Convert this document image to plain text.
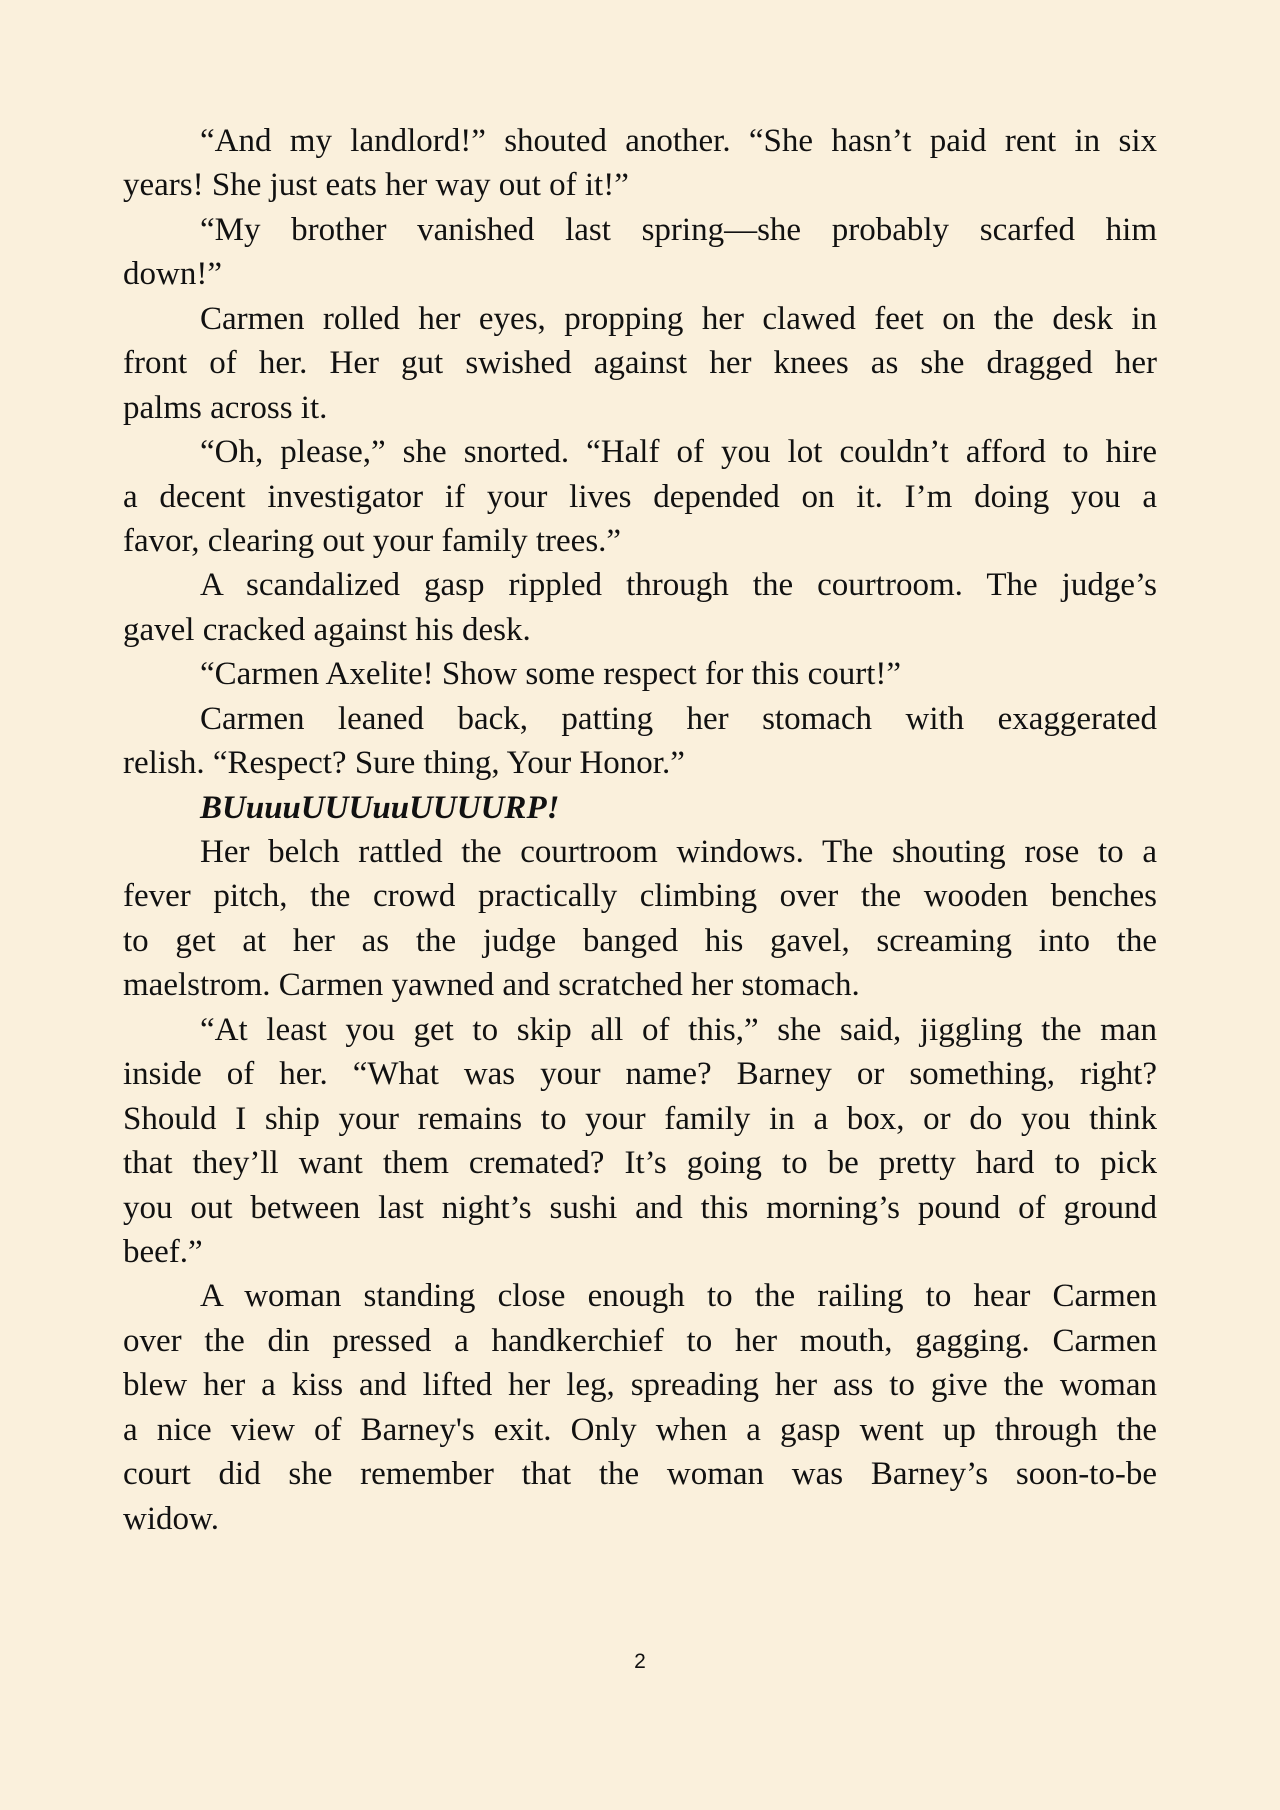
“And my landlord!” shouted another. “She hasn’t paid rent in six
years! She just eats her way out of it!”
“My brother vanished last spring—she probably scarfed him
down!”
Carmen rolled her eyes, propping her clawed feet on the desk in
front of her. Her gut swished against her knees as she dragged her
palms across it.
“Oh, please,” she snorted. “Half of you lot couldn’t afford to hire
a decent investigator if your lives depended on it. I’m doing you a
favor, clearing out your family trees.”
A scandalized gasp rippled through the courtroom. The judge’s
gavel cracked against his desk.
“Carmen Axelite! Show some respect for this court!”
Carmen leaned back, patting her stomach with exaggerated
relish. “Respect? Sure thing, Your Honor.”
BUuuuUUUuuUUUURP!
Her belch rattled the courtroom windows. The shouting rose to a
fever pitch, the crowd practically climbing over the wooden benches
to get at her as the judge banged his gavel, screaming into the
maelstrom. Carmen yawned and scratched her stomach.
“At least you get to skip all of this,” she said, jiggling the man
inside of her. “What was your name? Barney or something, right?
Should I ship your remains to your family in a box, or do you think
that they’ll want them cremated? It’s going to be pretty hard to pick
you out between last night’s sushi and this morning’s pound of ground
beef.”
A woman standing close enough to the railing to hear Carmen
over the din pressed a handkerchief to her mouth, gagging. Carmen
blew her a kiss and lifted her leg, spreading her ass to give the woman
a nice view of Barney's exit. Only when a gasp went up through the
court did she remember that the woman was Barney’s soon-to-be
widow.
2
